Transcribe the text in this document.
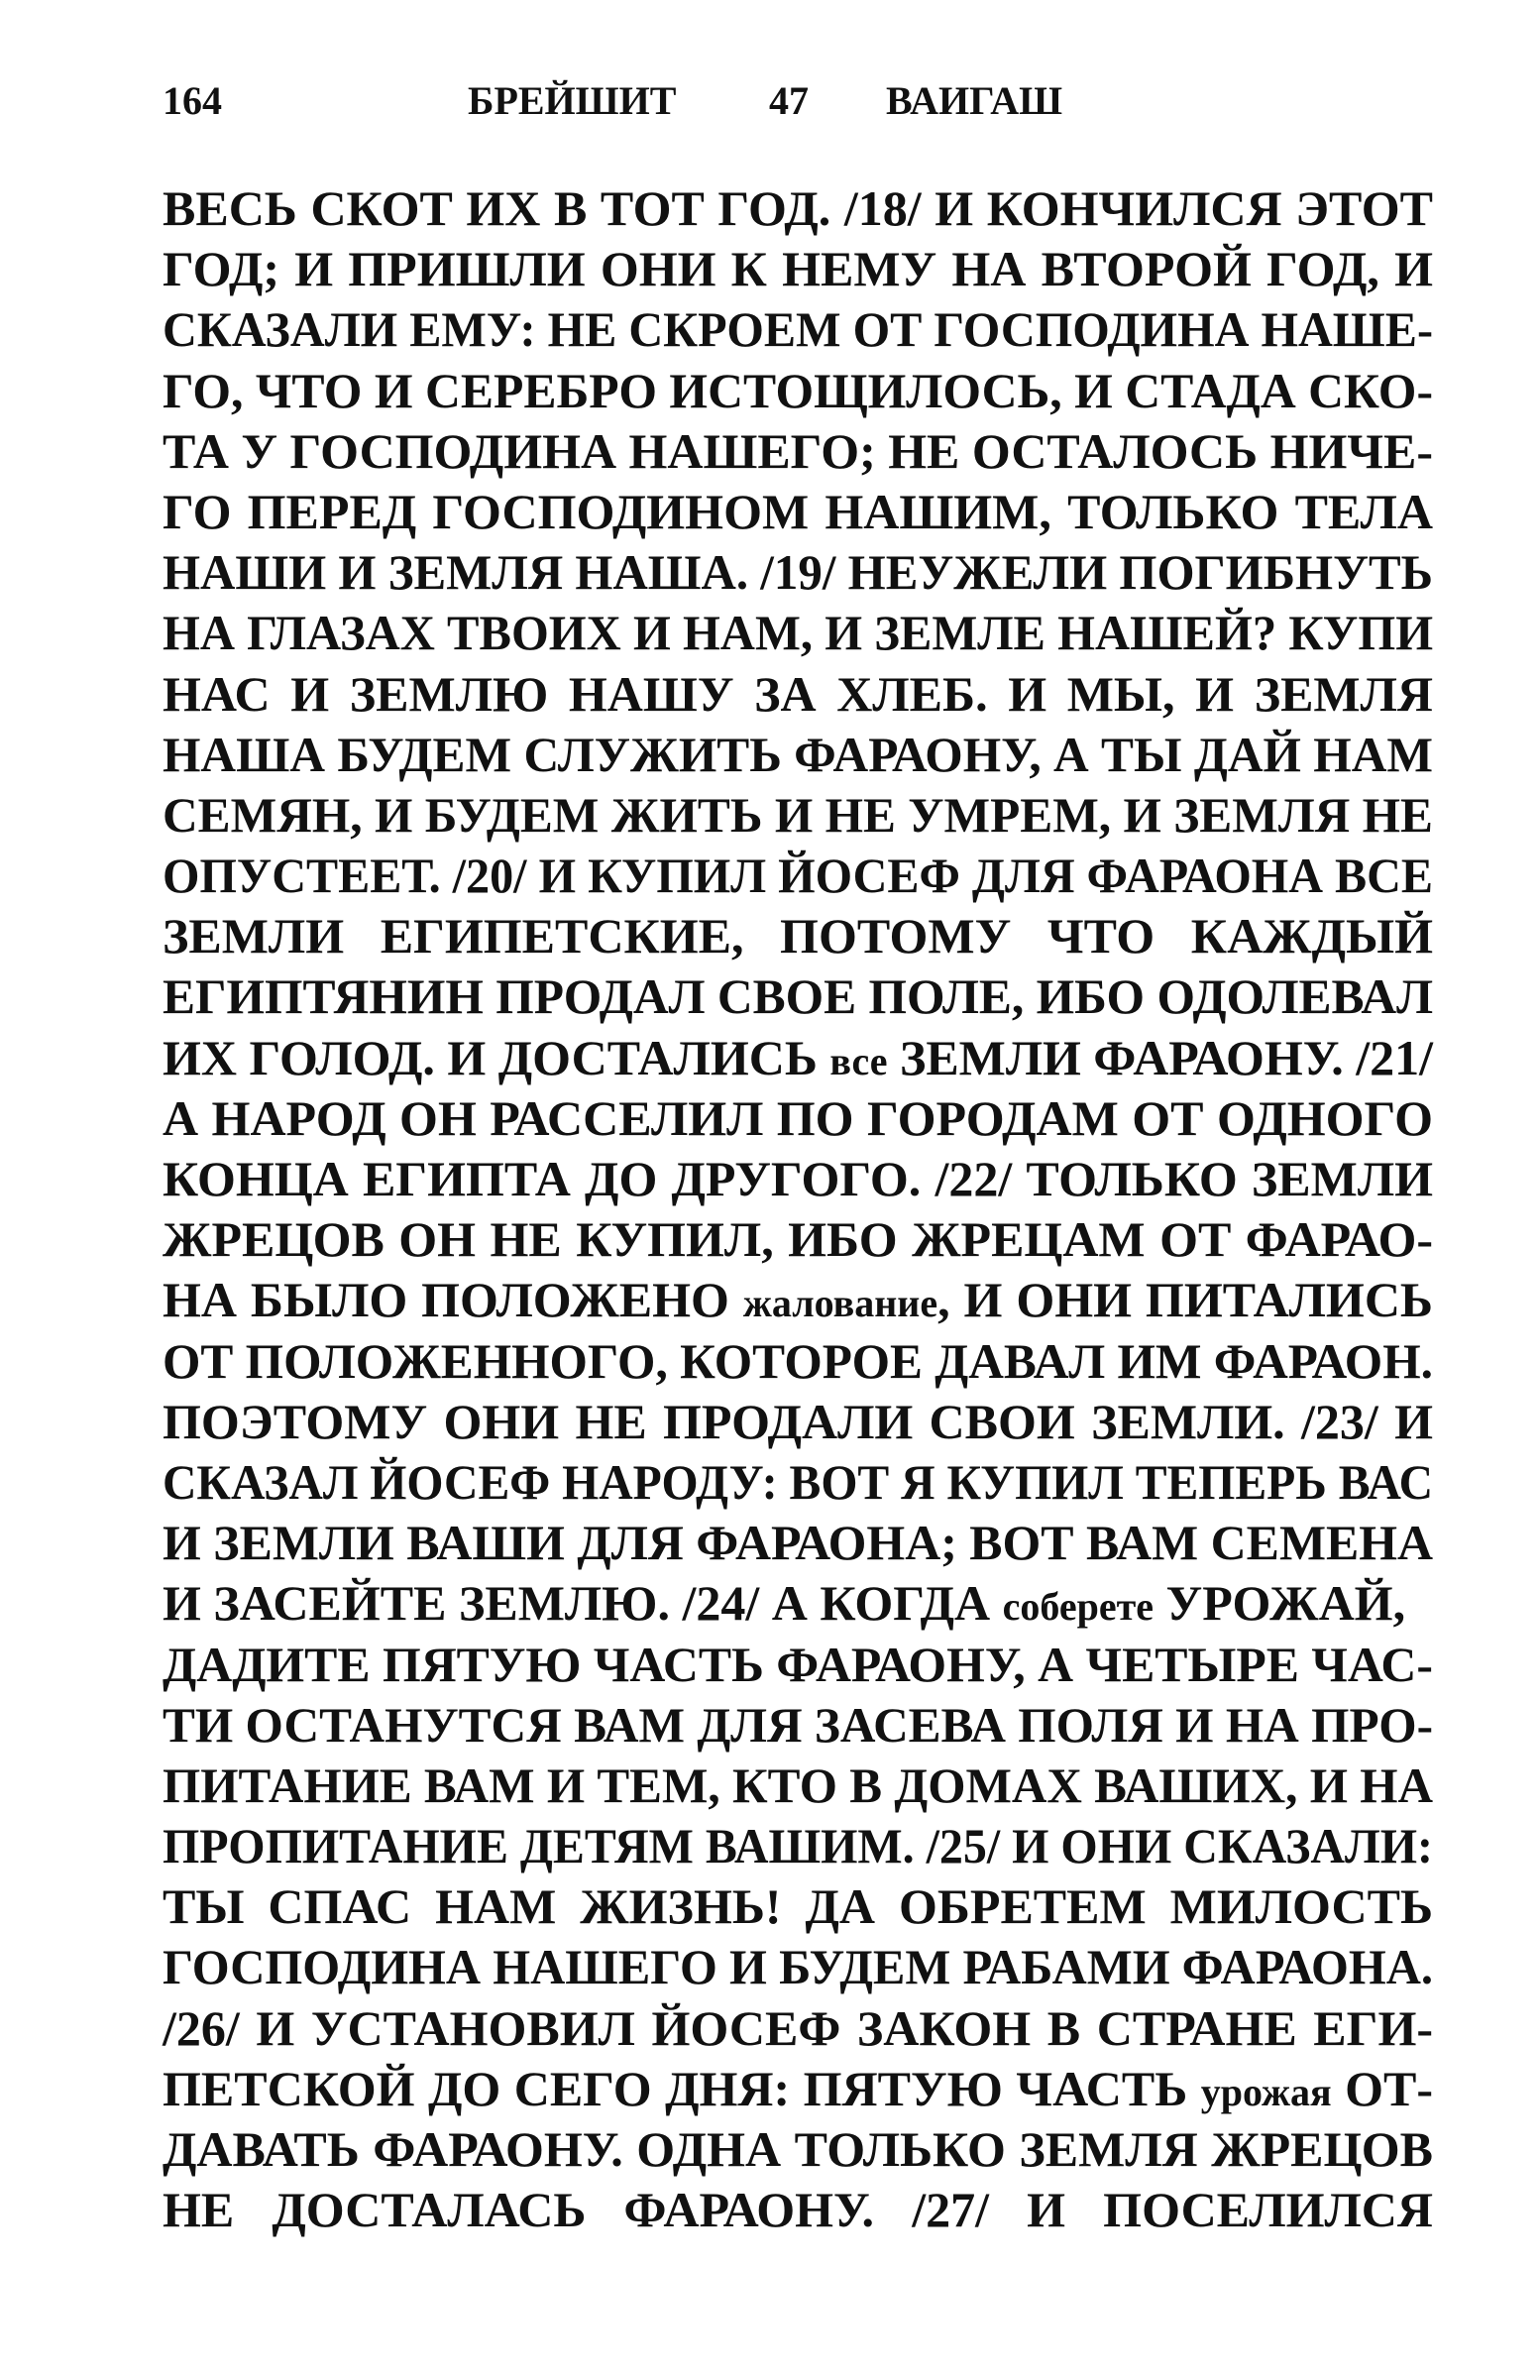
164	БРЕЙШИТ 47 ВАИГАШ
ВЕСЬ СКОТ ИХ В ТОТ ГОД. /18/ И КОНЧИЛСЯ ЭТОТ
ГОД; И ПРИШЛИ ОНИ К НЕМУ НА ВТОРОЙ ГОД, И
СКАЗАЛИ ЕМУ: НЕ СКРОЕМ ОТ ГОСПОДИНА НАШЕ-
ГО, ЧТО И СЕРЕБРО ИСТОЩИЛОСЬ, И СТАДА СКО-
ТА У ГОСПОДИНА НАШЕГО; НЕ ОСТАЛОСЬ НИЧЕ-
ГО ПЕРЕД ГОСПОДИНОМ НАШИМ, ТОЛЬКО ТЕЛА
НАШИ И ЗЕМЛЯ НАША. /19/ НЕУЖЕЛИ ПОГИБНУТЬ
НА ГЛАЗАХ ТВОИХ И НАМ, И ЗЕМЛЕ НАШЕЙ? КУПИ
НАС И ЗЕМЛЮ НАШУ ЗА ХЛЕБ. И МЫ, И ЗЕМЛЯ
НАША БУДЕМ СЛУЖИТЬ ФАРАОНУ, А ТЫ ДАЙ НАМ
СЕМЯН, И БУДЕМ ЖИТЬ И НЕ УМРЕМ, И ЗЕМЛЯ НЕ
ОПУСТЕЕТ. /20/ И КУПИЛ ЙОСЕФ ДЛЯ ФАРАОНА ВСЕ
ЗЕМЛИ ЕГИПЕТСКИЕ, ПОТОМУ ЧТО КАЖДЫЙ
ЕГИПТЯНИН ПРОДАЛ СВОЕ ПОЛЕ, ИБО ОДОЛЕВАЛ
ИХ ГОЛОД. И ДОСТАЛИСЬ все ЗЕМЛИ ФАРАОНУ. /21/
А НАРОД ОН РАССЕЛИЛ ПО ГОРОДАМ ОТ ОДНОГО
КОНЦА ЕГИПТА ДО ДРУГОГО. /22/ ТОЛЬКО ЗЕМЛИ
ЖРЕЦОВ ОН НЕ КУПИЛ, ИБО ЖРЕЦАМ ОТ ФАРАО-
НА БЫЛО ПОЛОЖЕНО жалование, И ОНИ ПИТАЛИСЬ
ОТ ПОЛОЖЕННОГО, КОТОРОЕ ДАВАЛ ИМ ФАРАОН.
ПОЭТОМУ ОНИ НЕ ПРОДАЛИ СВОИ ЗЕМЛИ. /23/ И
СКАЗАЛ ЙОСЕФ НАРОДУ: ВОТ Я КУПИЛ ТЕПЕРЬ ВАС
И ЗЕМЛИ ВАШИ ДЛЯ ФАРАОНА; ВОТ ВАМ СЕМЕНА
И ЗАСЕЙТЕ ЗЕМЛЮ. /24/ А КОГДА соберете УРОЖАЙ,
ДАДИТЕ ПЯТУЮ ЧАСТЬ ФАРАОНУ, А ЧЕТЫРЕ ЧАС-
ТИ ОСТАНУТСЯ ВАМ ДЛЯ ЗАСЕВА ПОЛЯ И НА ПРО-
ПИТАНИЕ ВАМ И ТЕМ, КТО В ДОМАХ ВАШИХ, И НА
ПРОПИТАНИЕ ДЕТЯМ ВАШИМ. /25/ И ОНИ СКАЗАЛИ:
ТЫ СПАС НАМ ЖИЗНЬ! ДА ОБРЕТЕМ МИЛОСТЬ
ГОСПОДИНА НАШЕГО И БУДЕМ РАБАМИ ФАРАОНА.
/26/ И УСТАНОВИЛ ЙОСЕФ ЗАКОН В СТРАНЕ ЕГИ-
ПЕТСКОЙ ДО СЕГО ДНЯ: ПЯТУЮ ЧАСТЬ урожая ОТ-
ДАВАТЬ ФАРАОНУ. ОДНА ТОЛЬКО ЗЕМЛЯ ЖРЕЦОВ
НЕ ДОСТАЛАСЬ ФАРАОНУ. /27/ И ПОСЕЛИЛСЯ
